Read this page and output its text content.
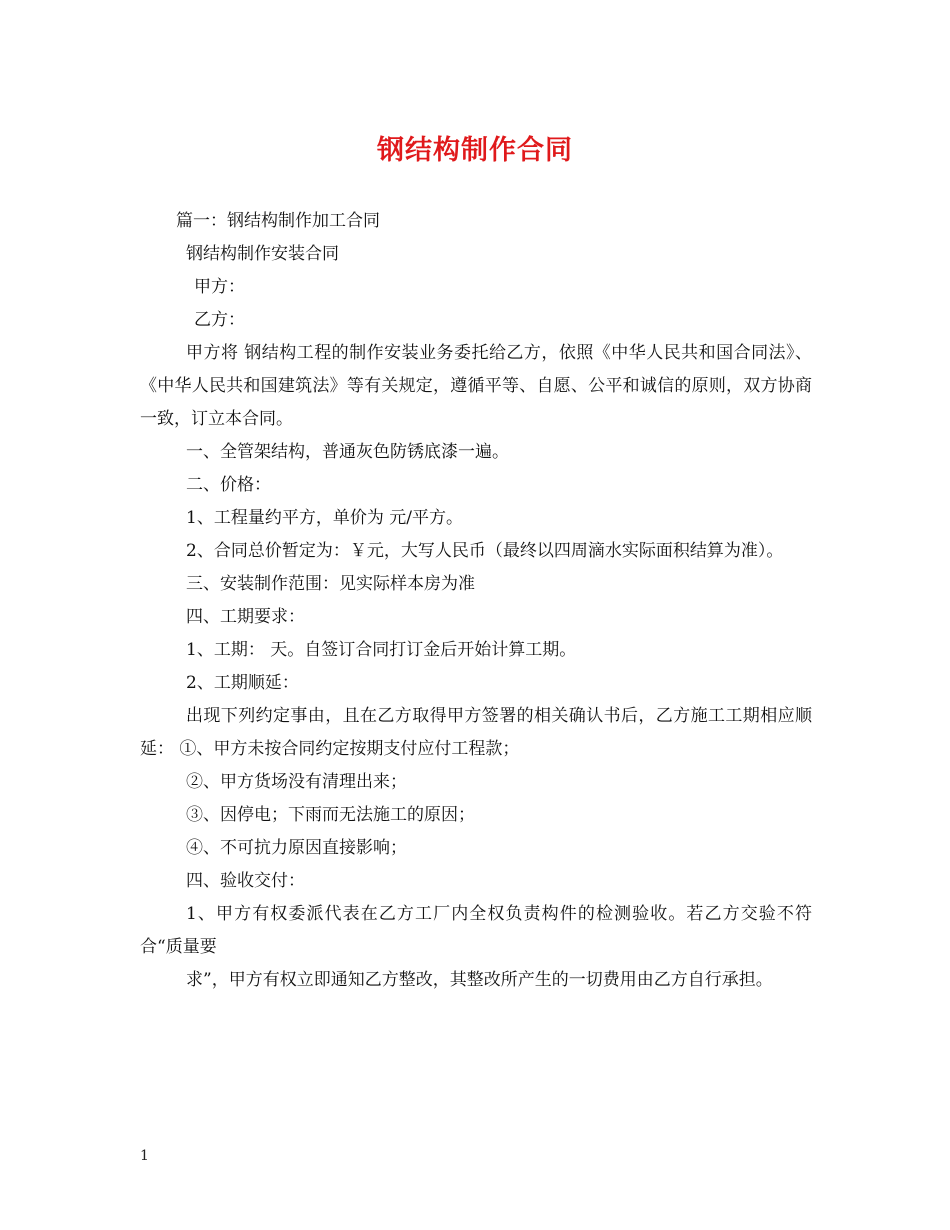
钢结构制作合同

篇一：钢结构制作加工合同

钢结构制作安装合同

甲方：

乙方：

甲方将 钢结构工程的制作安装业务委托给乙方，依照《中华人民共和国合同法》、《中华人民共和国建筑法》等有关规定，遵循平等、自愿、公平和诚信的原则，双方协商一致，订立本合同。

一、全管架结构，普通灰色防锈底漆一遍。

二、价格：

1、工程量约平方，单价为 元/平方。

2、合同总价暂定为：￥元，大写人民币（最终以四周滴水实际面积结算为准）。

三、安装制作范围：见实际样本房为准

四、工期要求：

1、工期： 天。自签订合同打订金后开始计算工期。

2、工期顺延：

出现下列约定事由，且在乙方取得甲方签署的相关确认书后，乙方施工工期相应顺延： ①、甲方未按合同约定按期支付应付工程款；

②、甲方货场没有清理出来；

③、因停电；下雨而无法施工的原因；

④、不可抗力原因直接影响；

四、验收交付：

1、甲方有权委派代表在乙方工厂内全权负责构件的检测验收。若乙方交验不符合“质量要

求”，甲方有权立即通知乙方整改，其整改所产生的一切费用由乙方自行承担。

1
